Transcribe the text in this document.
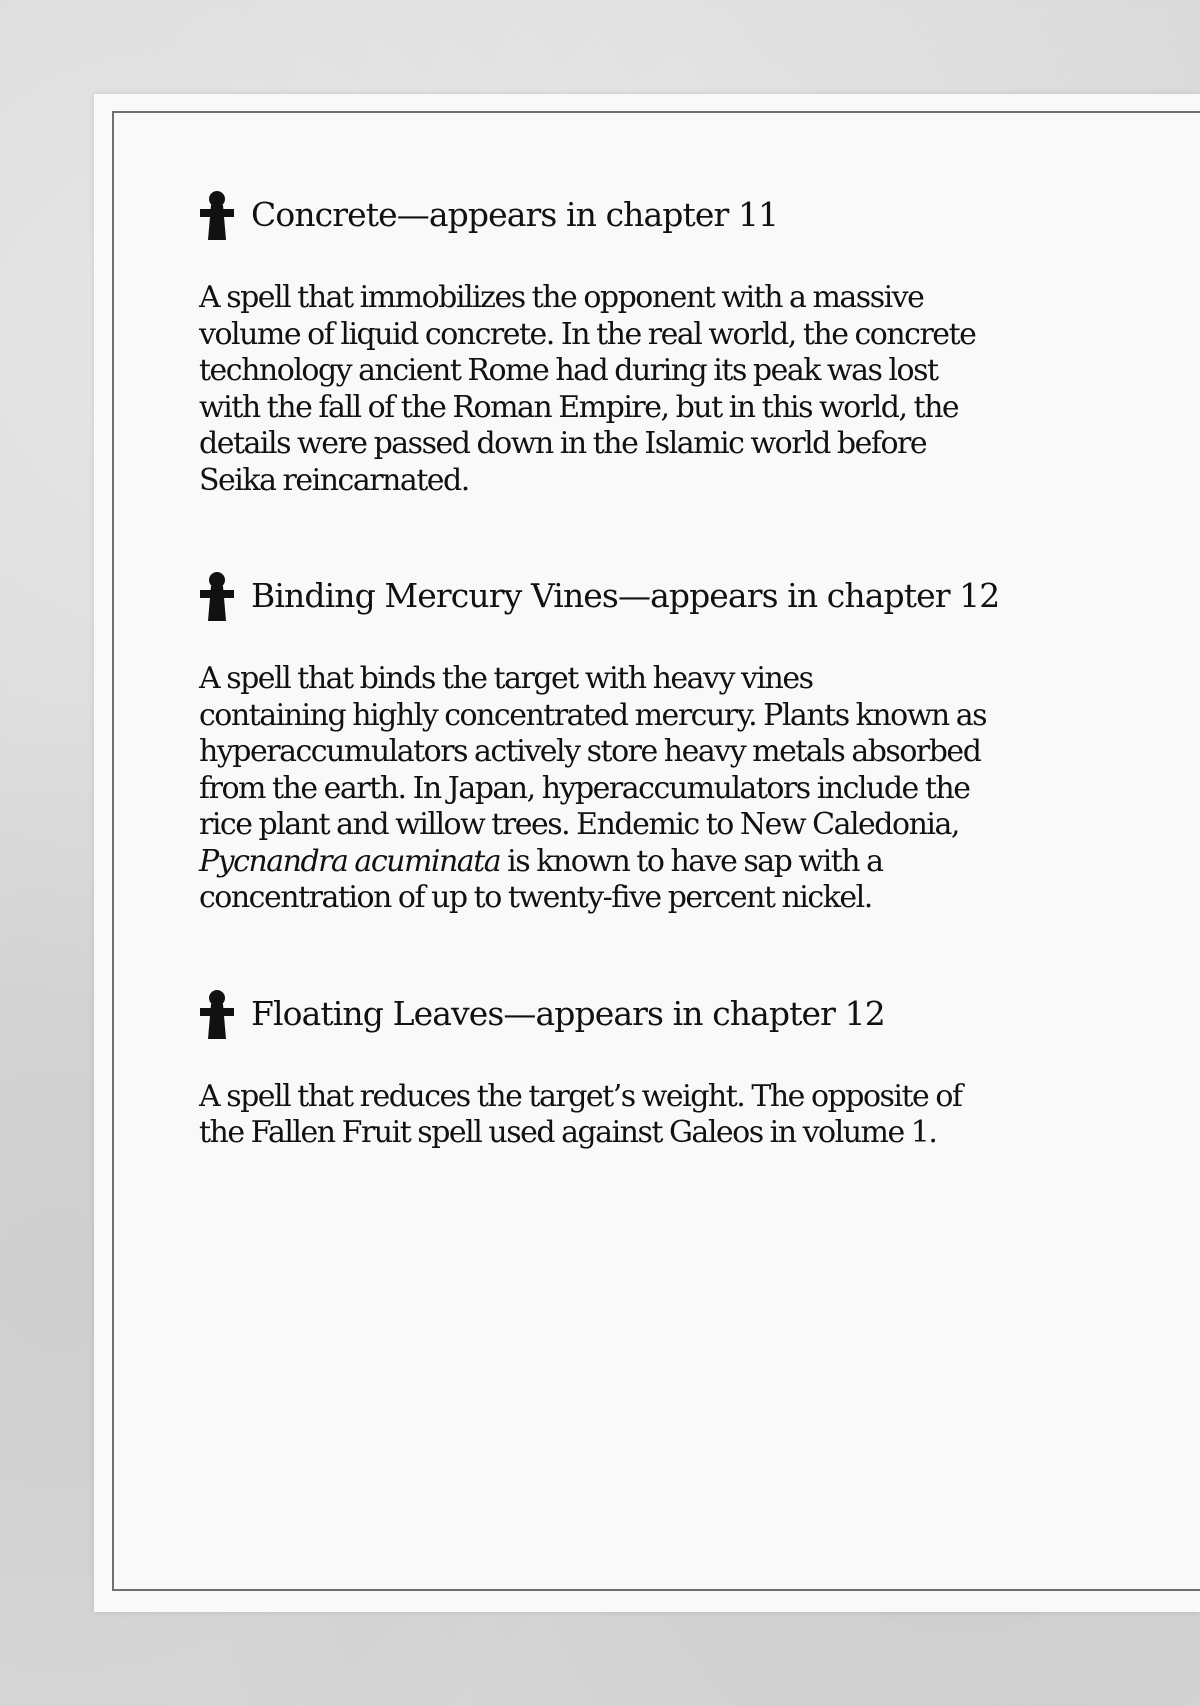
Concrete—appears in chapter 11

A spell that immobilizes the opponent with a massive
volume of liquid concrete. In the real world, the concrete
technology ancient Rome had during its peak was lost
with the fall of the Roman Empire, but in this world, the
details were passed down in the Islamic world before
Seika reincarnated.

Binding Mercury Vines—appears in chapter 12

A spell that binds the target with heavy vines
containing highly concentrated mercury. Plants known as
hyperaccumulators actively store heavy metals absorbed
from the earth. In Japan, hyperaccumulators include the
rice plant and willow trees. Endemic to New Caledonia,
Pycnandra acuminata is known to have sap with a
concentration of up to twenty-five percent nickel.

Floating Leaves—appears in chapter 12

A spell that reduces the target’s weight. The opposite of
the Fallen Fruit spell used against Galeos in volume 1.
